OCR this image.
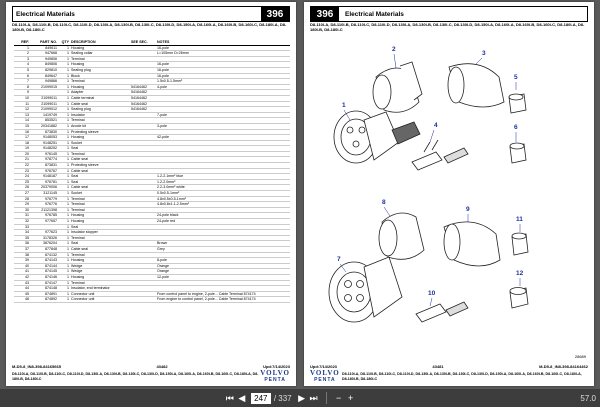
Electrical Materials	396
D8-110I-A, D8-110I-B, D8-110I-C, D8-110I-D, D8-130I-A, D8-130I-B, D8-130I-C, D8-130I-D, D8-150I-A, D8-160I-A, D8-160I-B, D8-160I-C, D8-180I-A, D8-180I-B, D8-180I-C
REF.	PART NO.	QTY	DESCRIPTION	SEE SEC.	NOTES
1	849611	1	Housing		16-pole
2	947668	1	Sealing collar		L=105mm D=26mm
3	949806	1	Terminal		
4	849806	1	Housing		16-pole
5	829810	1	Sealing plug		16-pole
6	849647	1	Block		16-pole
7	949866	1	Terminal		1.5x0.5-1.5mm²
8	21099015	1	Housing	54164462	4-pole
9		1	Adapter	54164462	
10	21099011	1	Cable terminal	54164462	
11	21099011	1	Cable seal	54164462	
12	21099012	1	Sealing plug	54164462	
13	1419749	1	Insulator		7-pole
14	853521	1	Terminal		
15	20341882	1	Anode kit		3-pole
16	873830	1	Protecting sleeve		
17	9148053	1	Housing		42-pole
18	9148251	1	Socket		
19	9148252	1	Seal		
20	976145	1	Terminal		
21	978774	1	Cable seal		
22	873831	1	Protecting sleeve		
23	976767	1	Cable seal		
24	9148187	1	Seal		1.2-2.1mm² blue
25	976781	1	Seal		1.2-2.0mm²
26	20379006	1	Cable seal		2.2-3.0mm² white
27	3121145	1	Socket		0.5x0.5-1mm²
28	976779	1	Terminal		4.8x0.5x0.5-1mm²
29	976776	1	Terminal		4.8x0.8x1.1-2.5mm²
30	21121398	1	Terminal		
31	976785	1	Housing		24-pole black
32	977657	1	Housing		24-pole red
33		1	Seal		
34	977623	1	Insulator stopper		
35	3178326	1	Terminal		
36	3876204	1	Seal		Brown
37	877848	1	Cable seal		Grey
38	874132	1	Terminal		
39	874143	1	Housing		8-pole
40	874144	1	Wedge		Orange
41	874145	1	Wedge		Orange
42	874146	1	Housing		12-pole
43	874147	1	Terminal		
44	874148	1	Insulator, end terminator		
45	874891	1	Connector unit		From control panel to engine, 2-pole... Cable Terminal 874174
46	874892	1	Connector unit		From engine to control panel, 2-pole... Cable Terminal 874174
M-D5-8_IN8-398-84165665	43482	Upd:7/14/2023
D8-110I-A, D8-110I-B, D8-110I-C, D8-110I-D, D8-130I-A, D8-130I-B, D8-130I-C, D8-130I-D, D8-150I-A, D8-160I-A, D8-160I-B, D8-160I-C, D8-180I-A, D8-180I-B, D8-180I-C
VOLVO
PENTA
396	Electrical Materials
D8-110I-A, D8-110I-B, D8-110I-C, D8-110I-D, D8-130I-A, D8-130I-B, D8-130I-C, D8-130I-D, D8-150I-A, D8-160I-A, D8-160I-B, D8-160I-C, D8-180I-A, D8-180I-B, D8-180I-C
2
3
4
5
1
6
7
8
9
10
11
12
28689
Upd:7/14/2023	43481	M-D5-8_IN8-398-84164462
D8-110I-A, D8-110I-B, D8-110I-C, D8-110I-D, D8-130I-A, D8-130I-B, D8-130I-C, D8-130I-D, D8-150I-A, D8-160I-A, D8-160I-B, D8-160I-C, D8-180I-A, D8-180I-B, D8-180I-C
VOLVO
PENTA
⏮ ◀	247 / 337 ▶ ⏭	− +	57.0
